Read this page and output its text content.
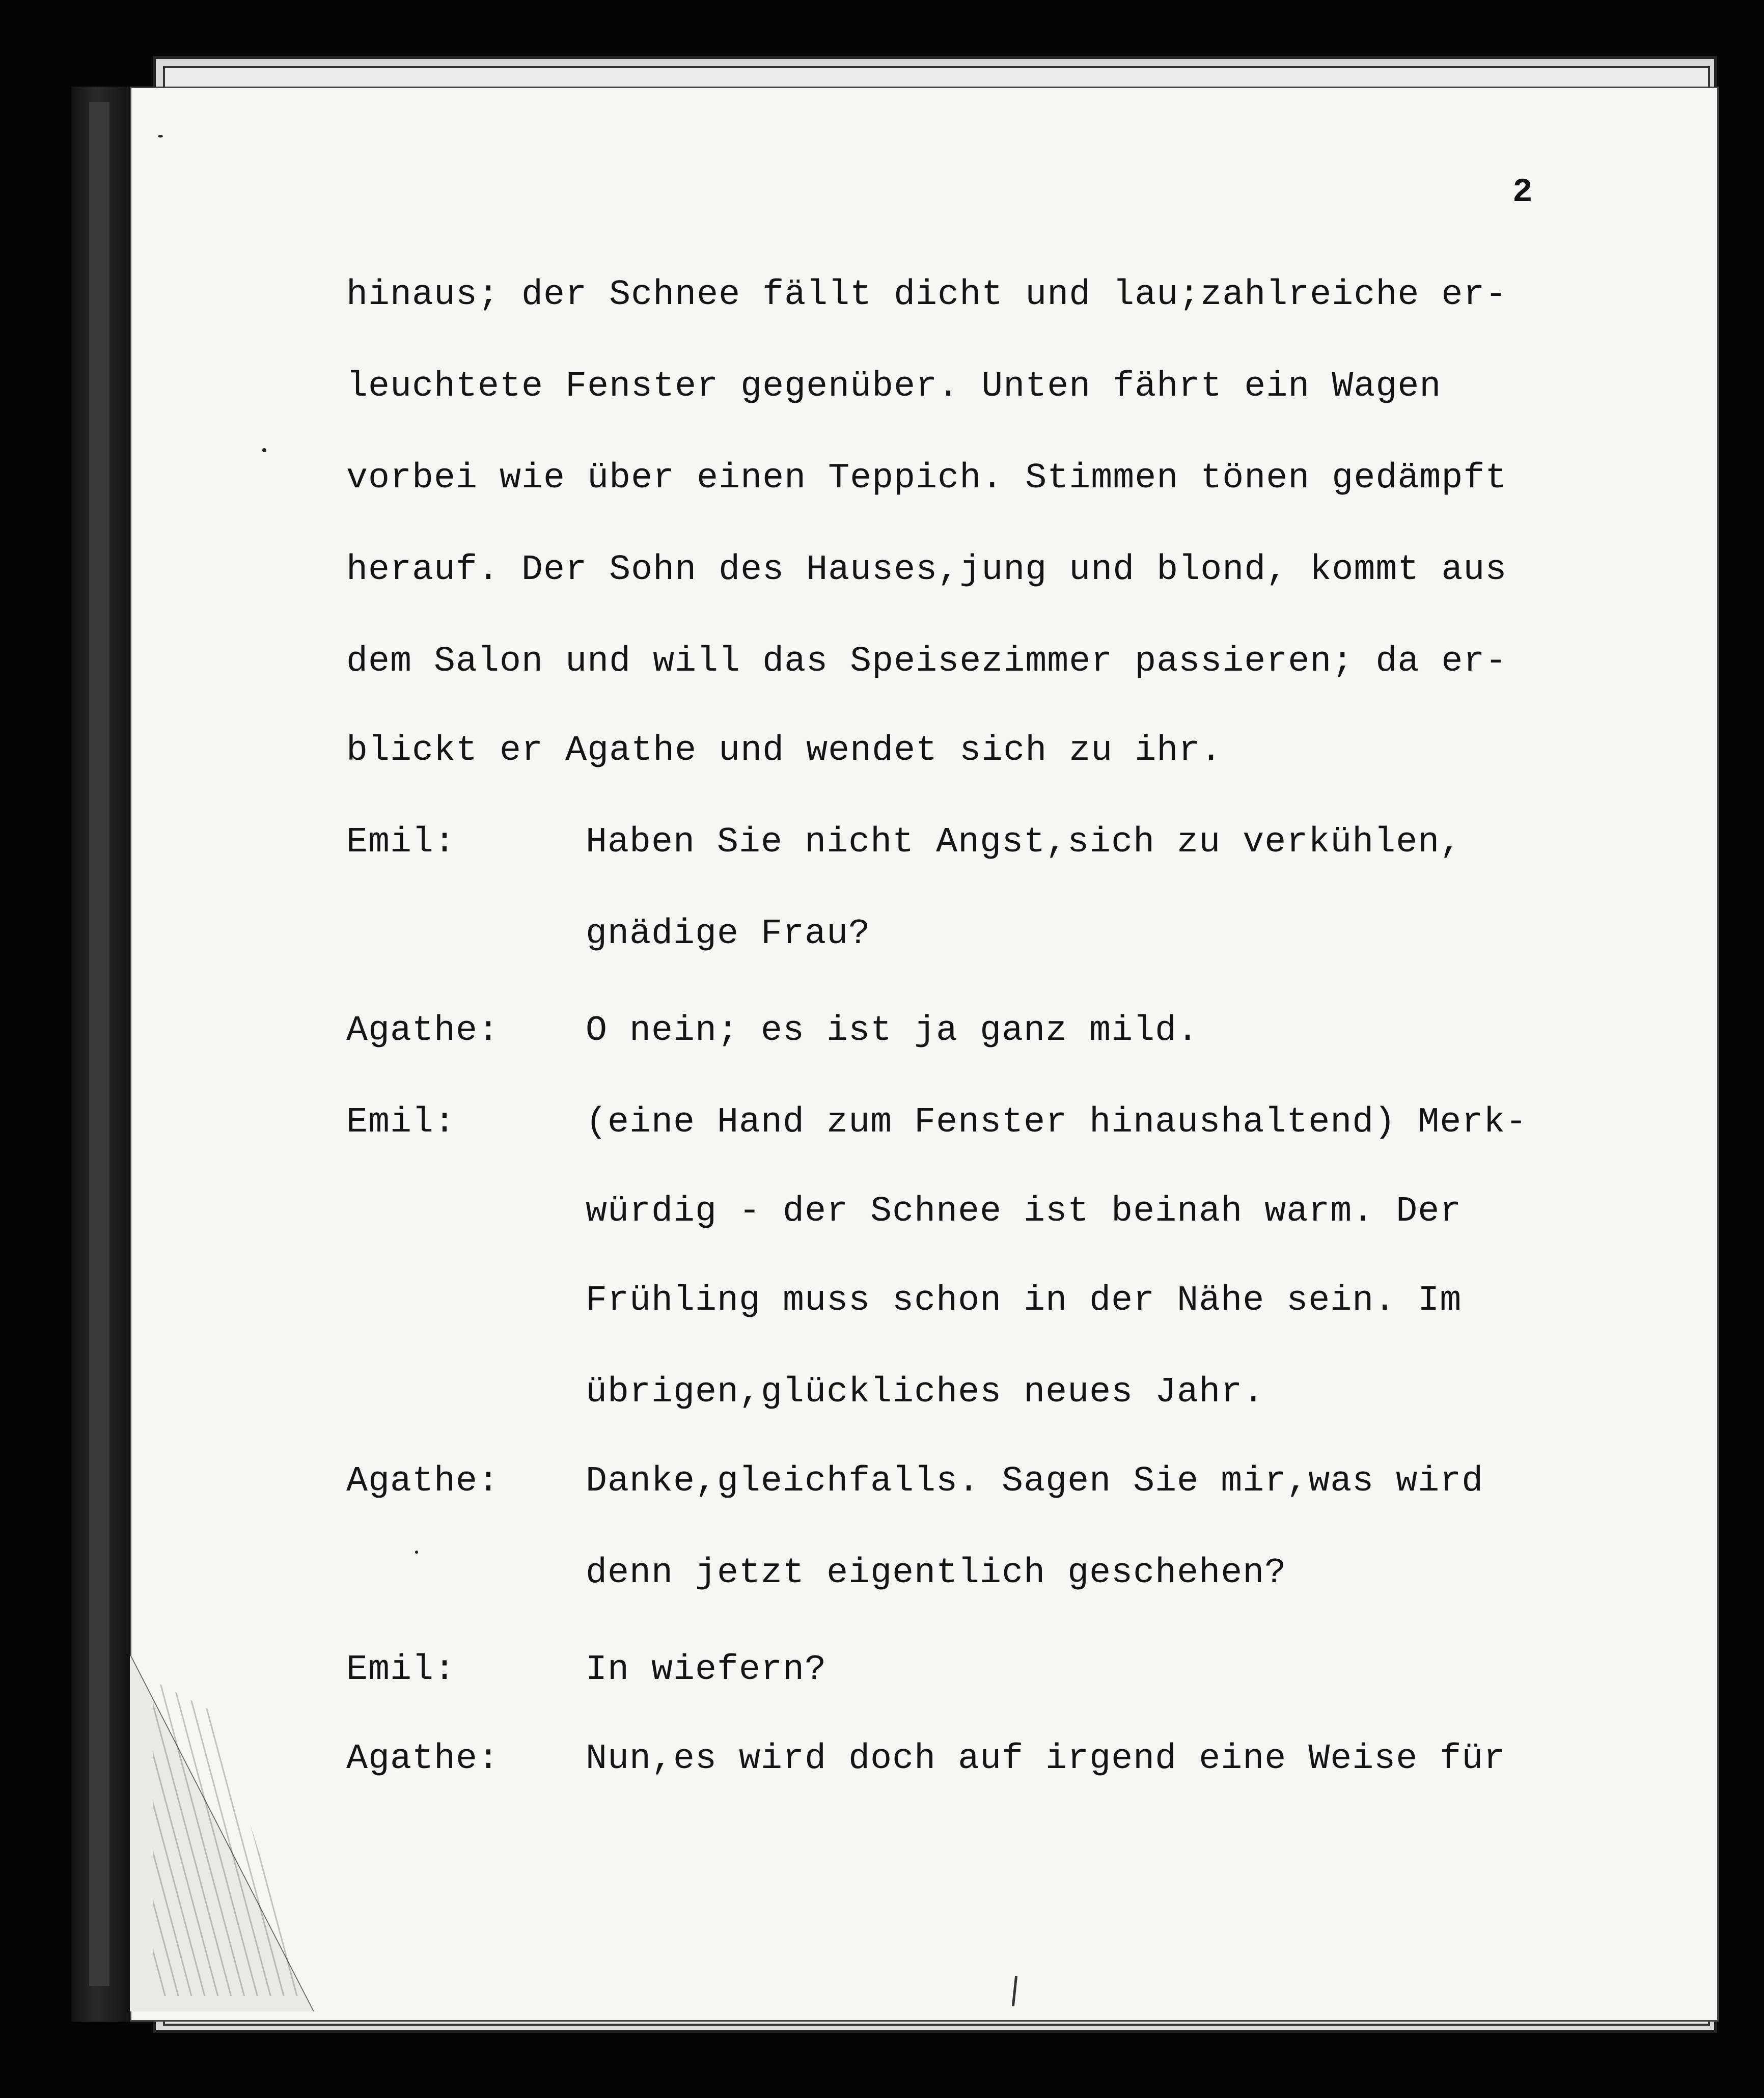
2
hinaus; der Schnee fällt dicht und lau;zahlreiche er-
leuchtete Fenster gegenüber. Unten fährt ein Wagen
vorbei wie über einen Teppich. Stimmen tönen gedämpft
herauf. Der Sohn des Hauses,jung und blond, kommt aus
dem Salon und will das Speisezimmer passieren; da er-
blickt er Agathe und wendet sich zu ihr.
Emil:	Haben Sie nicht Angst,sich zu verkühlen,
gnädige Frau?
Agathe: O nein; es ist ja ganz mild.
Emil:	(eine Hand zum Fenster hinaushaltend) Merk-
würdig - der Schnee ist beinah warm. Der
Frühling muss schon in der Nähe sein. Im
übrigen,glückliches neues Jahr.
Agathe: Danke,gleichfalls. Sagen Sie mir,was wird
denn jetzt eigentlich geschehen?
Emil:	In wiefern?
Agathe: Nun,es wird doch auf irgend eine Weise für
